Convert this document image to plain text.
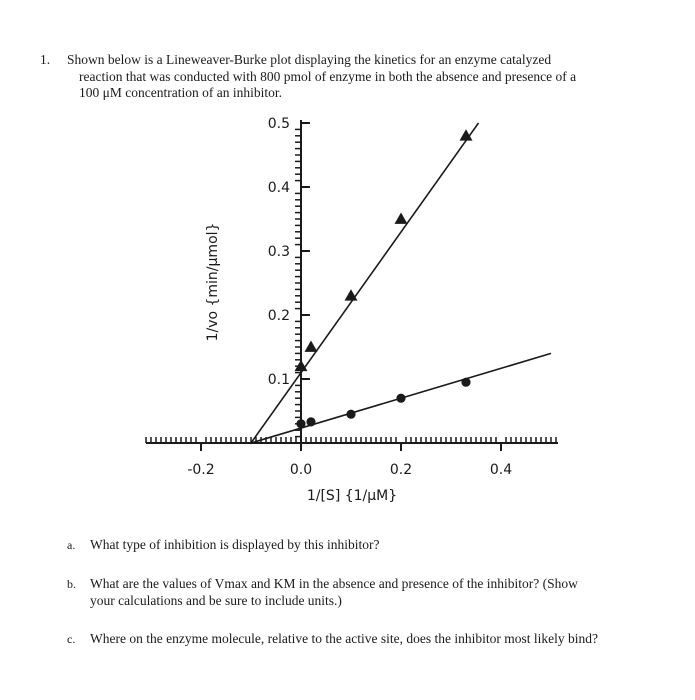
1. Shown below is a Lineweaver-Burke plot displaying the kinetics for an enzyme catalyzed
reaction that was conducted with 800 pmol of enzyme in both the absence and presence of a
100 μM concentration of an inhibitor.

0.1
0.2
0.3
0.4
0.5
-0.2	0.0	0.2	0.4
1/[S] {1/μM}
1/vo {min/μmol}

a. What type of inhibition is displayed by this inhibitor?

b. What are the values of Vmax and KM in the absence and presence of the inhibitor? (Show
your calculations and be sure to include units.)

c. Where on the enzyme molecule, relative to the active site, does the inhibitor most likely bind?
